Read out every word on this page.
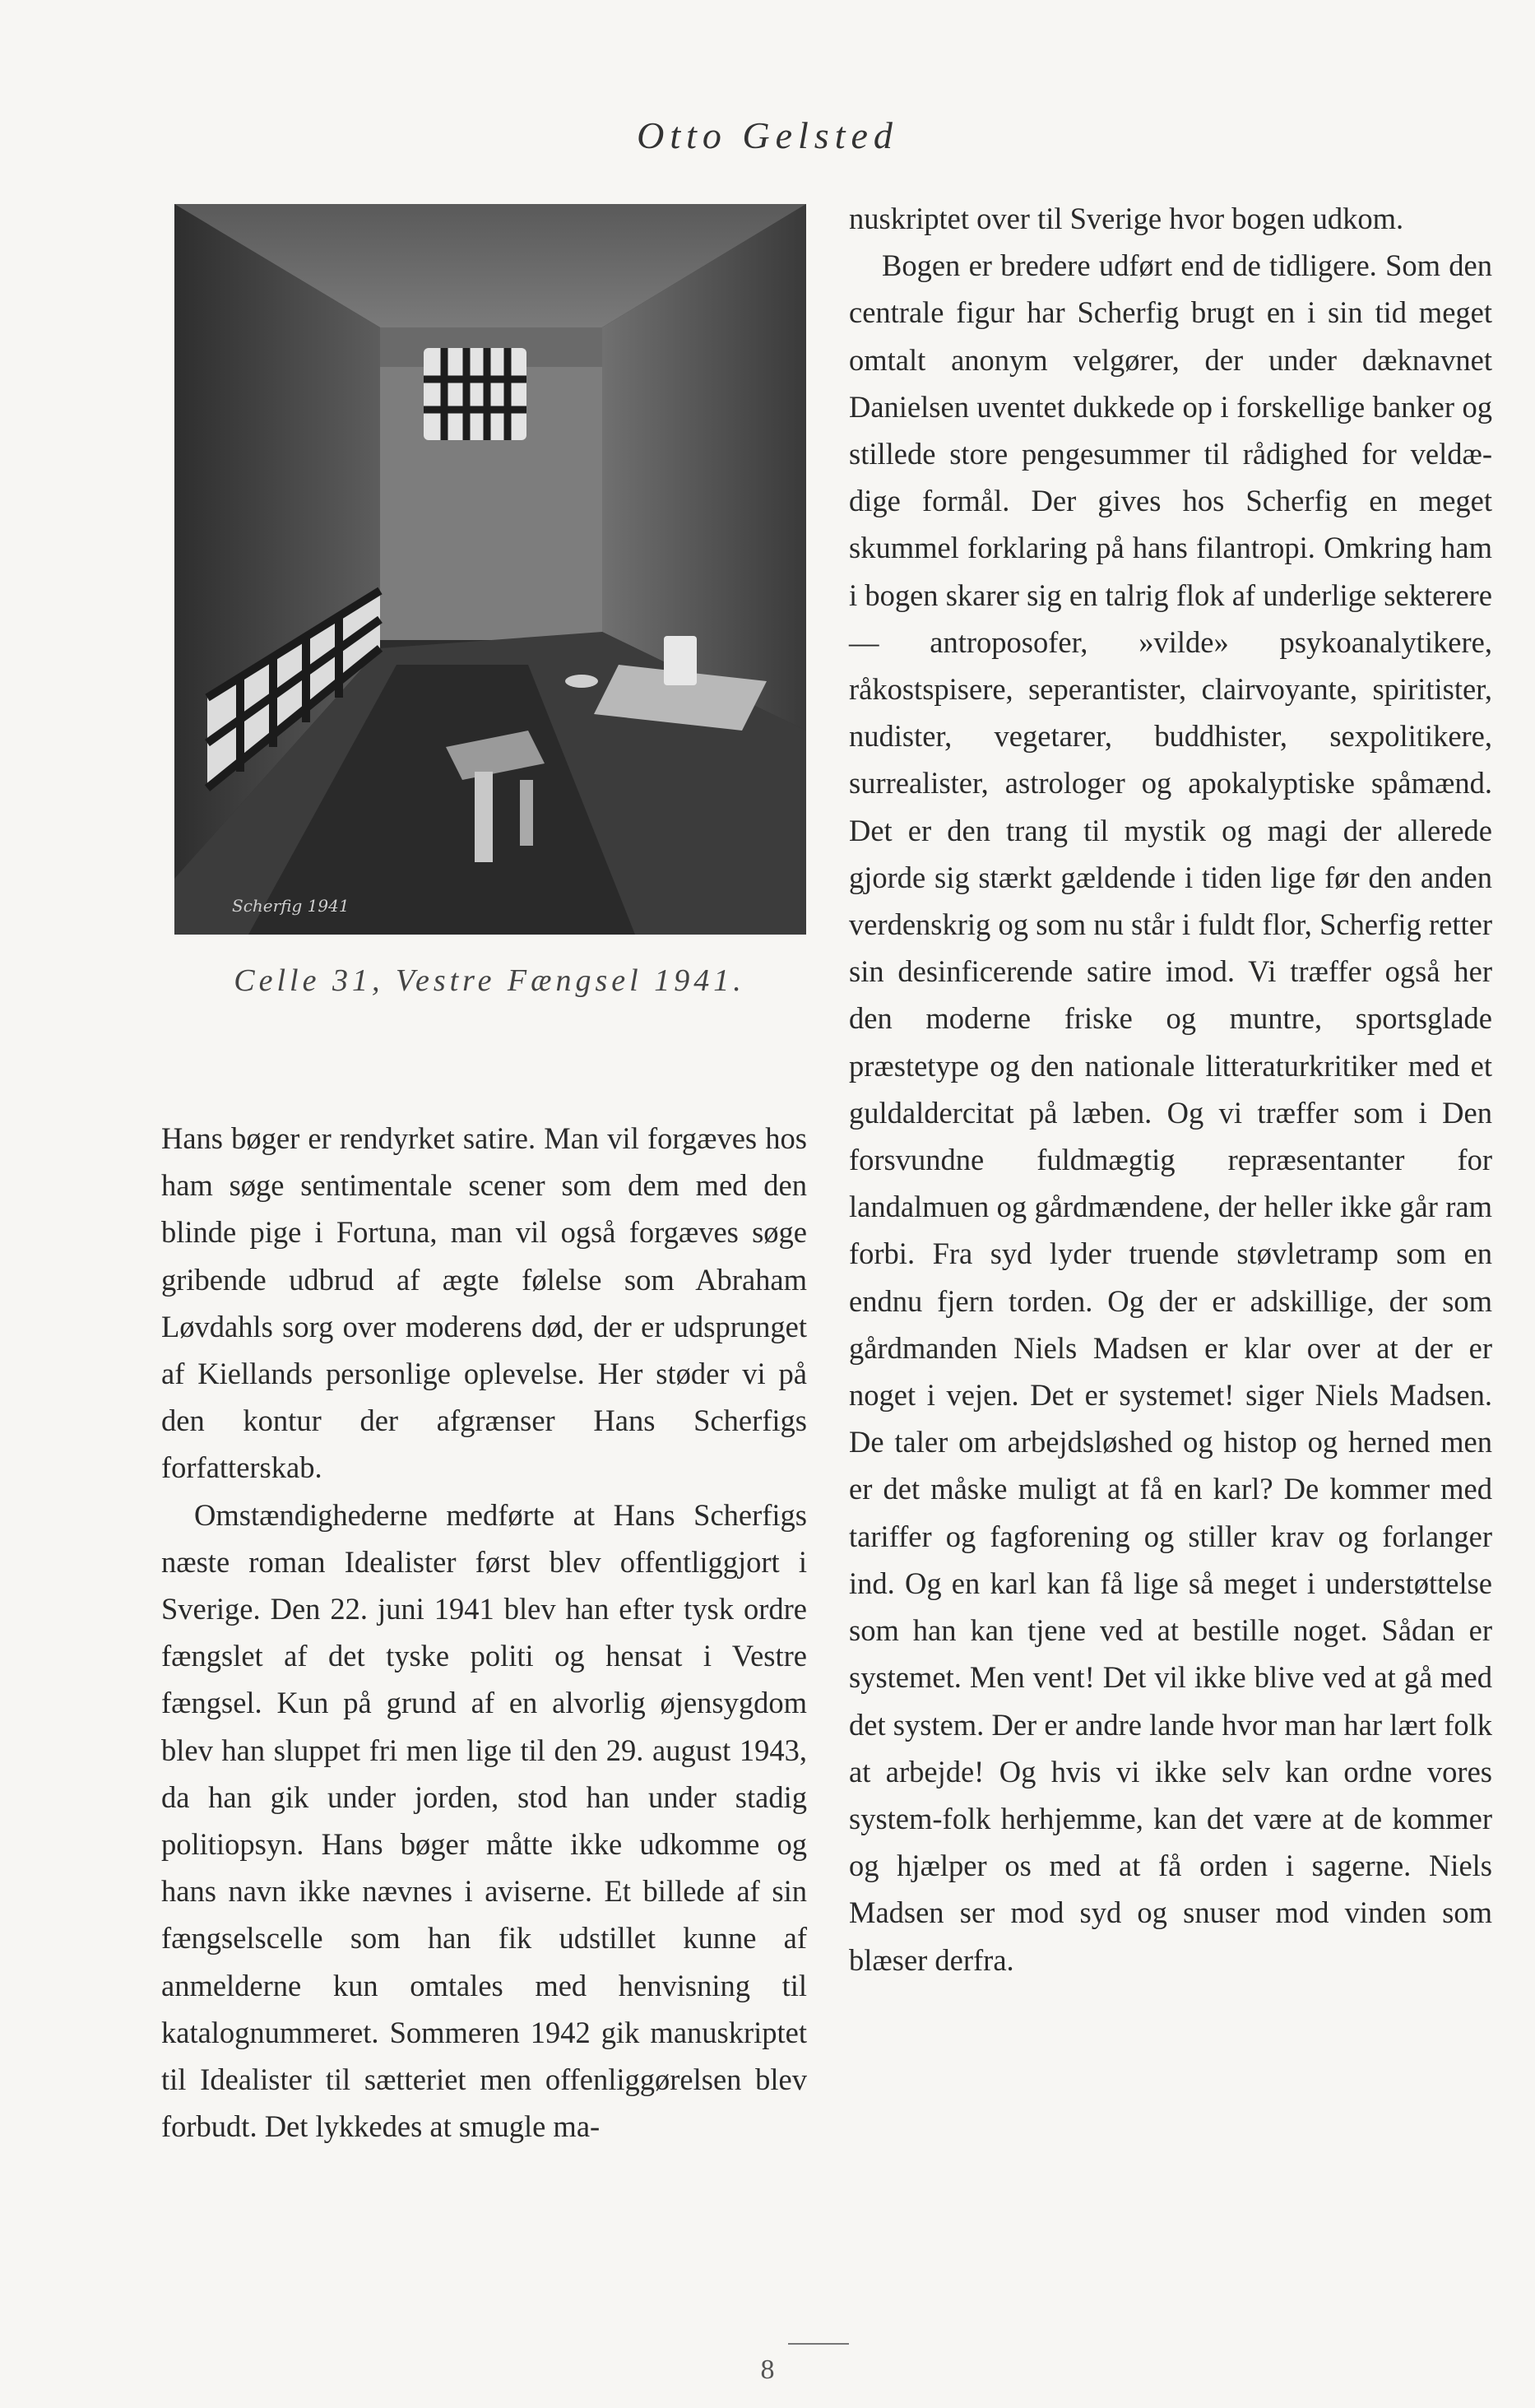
Otto Gelsted
Scherfig 1941
Celle 31, Vestre Fængsel 1941.

Hans bøger er rendyrket satire. Man vil forgæves hos ham søge sentimentale scener som dem med den blinde pige i Fortuna, man vil også forgæves søge gribende udbrud af ægte følelse som Abraham Løvdahls sorg over moderens død, der er udsprunget af Kiellands personlige oplevelse. Her støder vi på den kontur der afgrænser Hans Scherfigs forfatterskab.

Omstændighederne medførte at Hans Scherfigs næste roman Idealister først blev offentliggjort i Sverige. Den 22. juni 1941 blev han efter tysk ordre fængslet af det tyske politi og hensat i Vestre fængsel. Kun på grund af en alvorlig øjensygdom blev han sluppet fri men lige til den 29. august 1943, da han gik under jorden, stod han under stadig politiopsyn. Hans bøger måtte ikke udkomme og hans navn ikke nævnes i aviserne. Et billede af sin fængselscelle som han fik udstillet kunne af anmelderne kun omtales med henvisning til katalognummeret. Sommeren 1942 gik manuskriptet til Idealister til sætteriet men offenliggørelsen blev forbudt. Det lykkedes at smugle ma-

nuskriptet over til Sverige hvor bogen udkom.

Bogen er bredere udført end de tidligere. Som den centrale figur har Scherfig brugt en i sin tid meget omtalt anonym velgører, der under dæknavnet Danielsen uventet dukkede op i forskellige banker og stillede store pengesummer til rådighed for veldædige formål. Der gives hos Scherfig en meget skummel forklaring på hans filantropi. Omkring ham i bogen skarer sig en talrig flok af underlige sekterere — antroposofer, »vilde» psykoanalytikere, råkostspisere, seperantister, clairvoyante, spiritister, nudister, vegetarer, buddhister, sexpolitikere, surrealister, astrologer og apokalyptiske spåmænd. Det er den trang til mystik og magi der allerede gjorde sig stærkt gældende i tiden lige før den anden verdenskrig og som nu står i fuldt flor, Scherfig retter sin desinficerende satire imod. Vi træffer også her den moderne friske og muntre, sportsglade præstetype og den nationale litteraturkritiker med et guldaldercitat på læben. Og vi træffer som i Den forsvundne fuldmægtig repræsentanter for landalmuen og gårdmændene, der heller ikke går ram forbi. Fra syd lyder truende støvletramp som en endnu fjern torden. Og der er adskillige, der som gårdmanden Niels Madsen er klar over at der er noget i vejen. Det er systemet! siger Niels Madsen. De taler om arbejdsløshed og histop og herned men er det måske muligt at få en karl? De kommer med tariffer og fagforening og stiller krav og forlanger ind. Og en karl kan få lige så meget i understøttelse som han kan tjene ved at bestille noget. Sådan er systemet. Men vent! Det vil ikke blive ved at gå med det system. Der er andre lande hvor man har lært folk at arbejde! Og hvis vi ikke selv kan ordne vores system-folk herhjemme, kan det være at de kommer og hjælper os med at få orden i sagerne. Niels Madsen ser mod syd og snuser mod vinden som blæser derfra.

8
